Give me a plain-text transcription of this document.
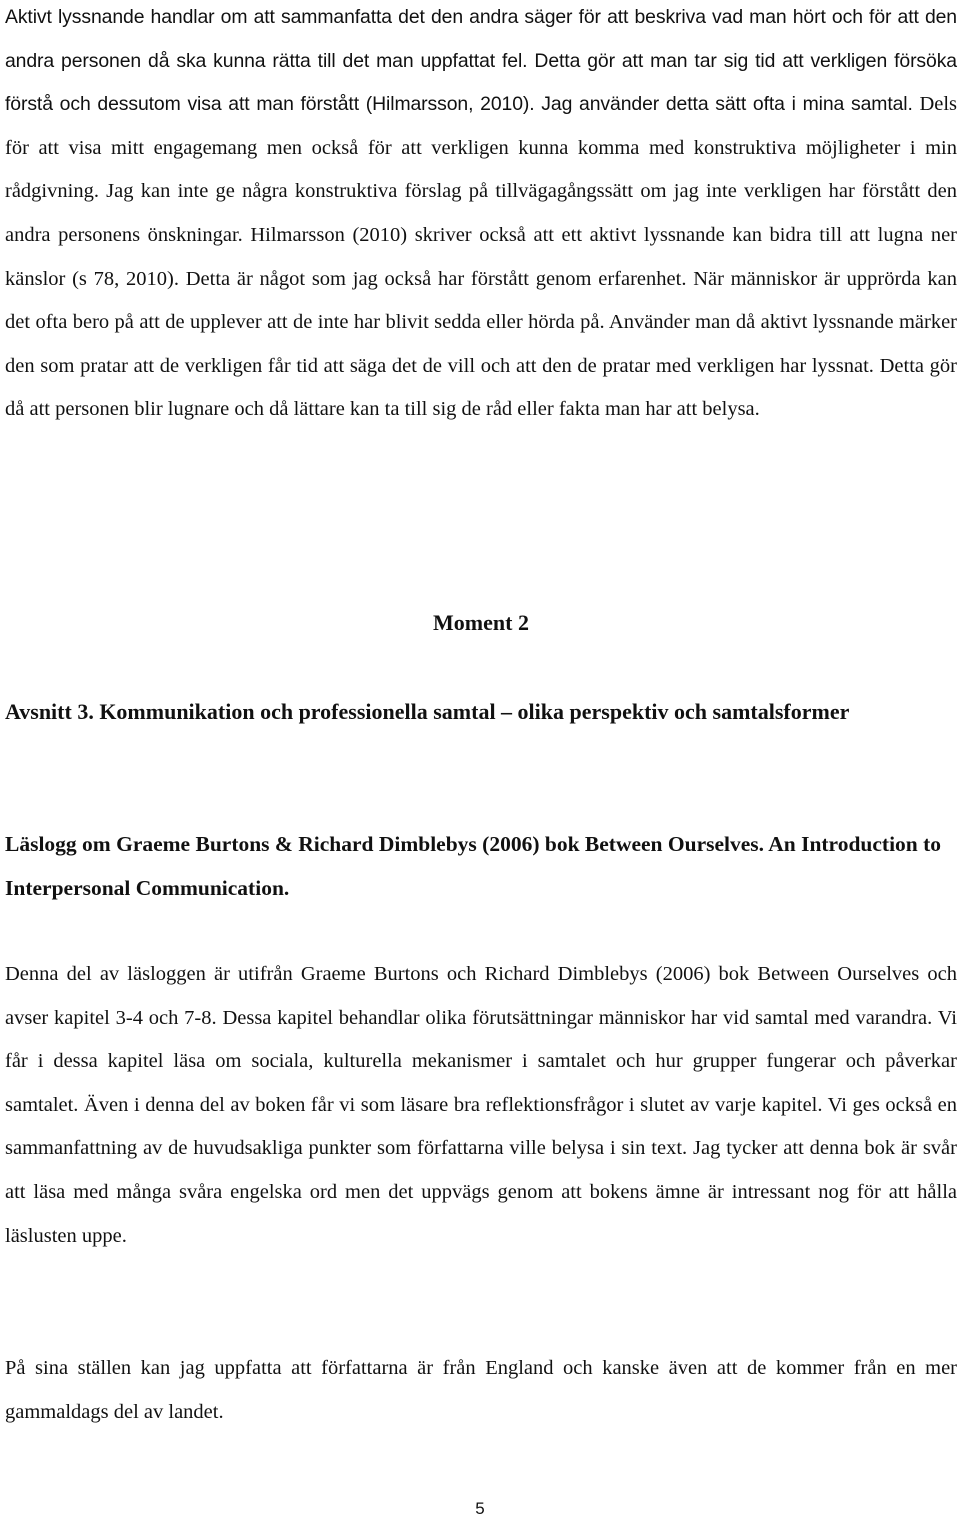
Aktivt lyssnande handlar om att sammanfatta det den andra säger för att beskriva vad man hört och för att den andra personen då ska kunna rätta till det man uppfattat fel. Detta gör att man tar sig tid att verkligen försöka förstå och dessutom visa att man förstått (Hilmarsson, 2010). Jag använder detta sätt ofta i mina samtal. Dels för att visa mitt engagemang men också för att verkligen kunna komma med konstruktiva möjligheter i min rådgivning. Jag kan inte ge några konstruktiva förslag på tillvägagångssätt om jag inte verkligen har förstått den andra personens önskningar. Hilmarsson (2010) skriver också att ett aktivt lyssnande kan bidra till att lugna ner känslor (s 78, 2010). Detta är något som jag också har förstått genom erfarenhet. När människor är upprörda kan det ofta bero på att de upplever att de inte har blivit sedda eller hörda på. Använder man då aktivt lyssnande märker den som pratar att de verkligen får tid att säga det de vill och att den de pratar med verkligen har lyssnat. Detta gör då att personen blir lugnare och då lättare kan ta till sig de råd eller fakta man har att belysa.

Moment 2
Avsnitt 3. Kommunikation och professionella samtal – olika perspektiv och samtalsformer
Läslogg om Graeme Burtons & Richard Dimblebys (2006) bok Between Ourselves. An Introduction to Interpersonal Communication.

Denna del av läsloggen är utifrån Graeme Burtons och Richard Dimblebys (2006) bok Between Ourselves och avser kapitel 3-4 och 7-8. Dessa kapitel behandlar olika förutsättningar människor har vid samtal med varandra. Vi får i dessa kapitel läsa om sociala, kulturella mekanismer i samtalet och hur grupper fungerar och påverkar samtalet. Även i denna del av boken får vi som läsare bra reflektionsfrågor i slutet av varje kapitel. Vi ges också en sammanfattning av de huvudsakliga punkter som författarna ville belysa i sin text. Jag tycker att denna bok är svår att läsa med många svåra engelska ord men det uppvägs genom att bokens ämne är intressant nog för att hålla läslusten uppe.

På sina ställen kan jag uppfatta att författarna är från England och kanske även att de kommer från en mer gammaldags del av landet.

5
